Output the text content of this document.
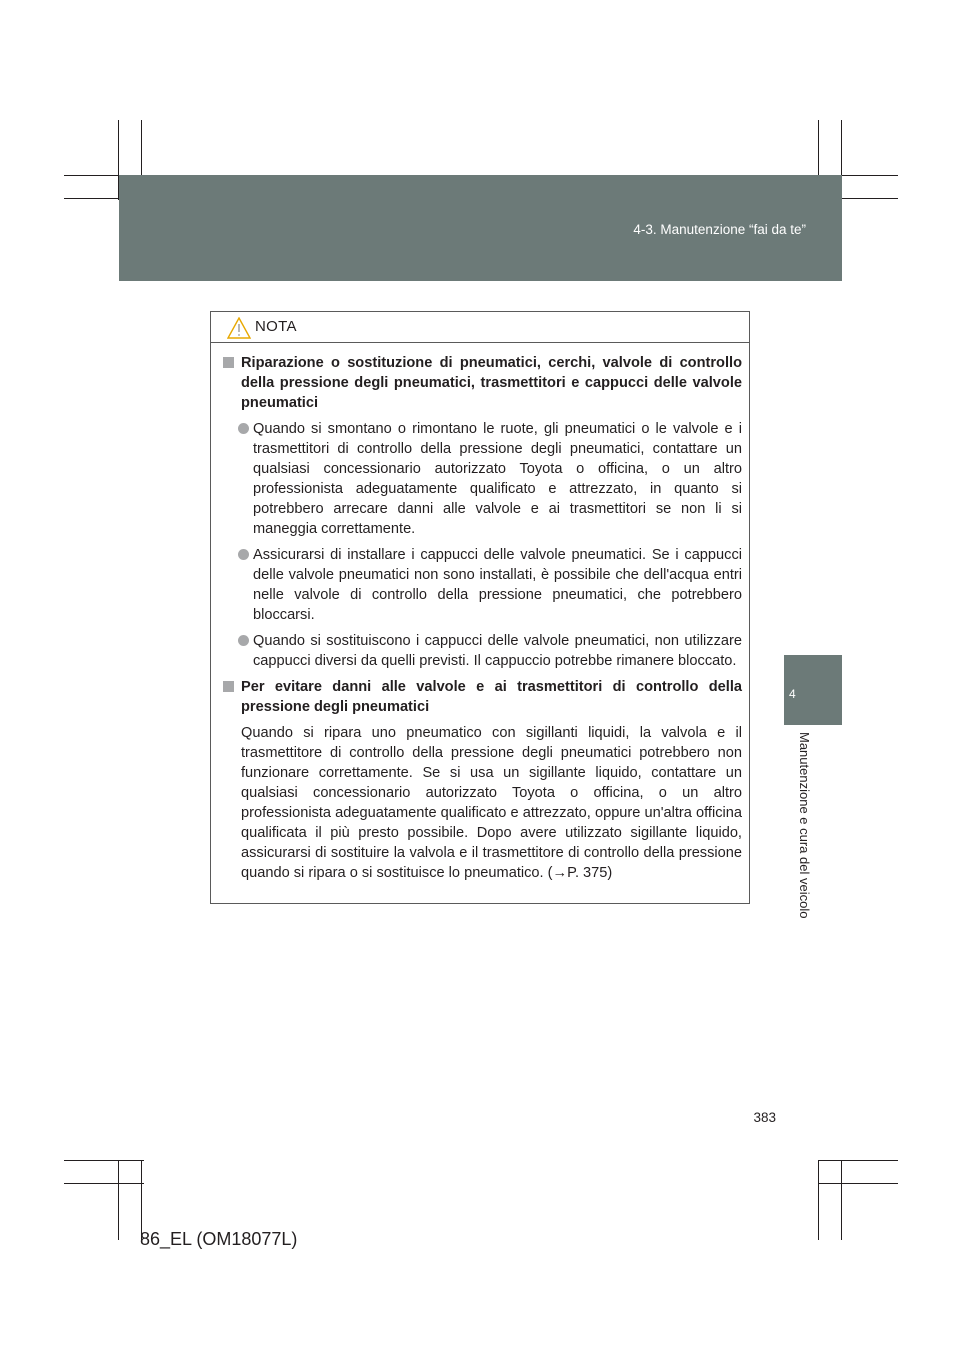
4-3. Manutenzione “fai da te”
4
Manutenzione e cura del veicolo
NOTA
Riparazione o sostituzione di pneumatici, cerchi, valvole di controllo della pressione degli pneumatici, trasmettitori e cappucci delle valvole pneumatici
Quando si smontano o rimontano le ruote, gli pneumatici o le valvole e i trasmettitori di controllo della pressione degli pneumatici, contattare un qualsiasi concessionario autorizzato Toyota o officina, o un altro professionista adeguatamente qualificato e attrezzato, in quanto si potrebbero arrecare danni alle valvole e ai trasmettitori se non li si maneggia correttamente.
Assicurarsi di installare i cappucci delle valvole pneumatici. Se i cappucci delle valvole pneumatici non sono installati, è possibile che dell'acqua entri nelle valvole di controllo della pressione pneumatici, che potrebbero bloccarsi.
Quando si sostituiscono i cappucci delle valvole pneumatici, non utilizzare cappucci diversi da quelli previsti. Il cappuccio potrebbe rimanere bloccato.
Per evitare danni alle valvole e ai trasmettitori di controllo della pressione degli pneumatici
Quando si ripara uno pneumatico con sigillanti liquidi, la valvola e il trasmettitore di controllo della pressione degli pneumatici potrebbero non funzionare correttamente. Se si usa un sigillante liquido, contattare un qualsiasi concessionario autorizzato Toyota o officina, o un altro professionista adeguatamente qualificato e attrezzato, oppure un'altra officina qualificata il più presto possibile. Dopo avere utilizzato sigillante liquido, assicurarsi di sostituire la valvola e il trasmettitore di controllo della pressione quando si ripara o si sostituisce lo pneumatico. (→P. 375)
383
86_EL (OM18077L)
